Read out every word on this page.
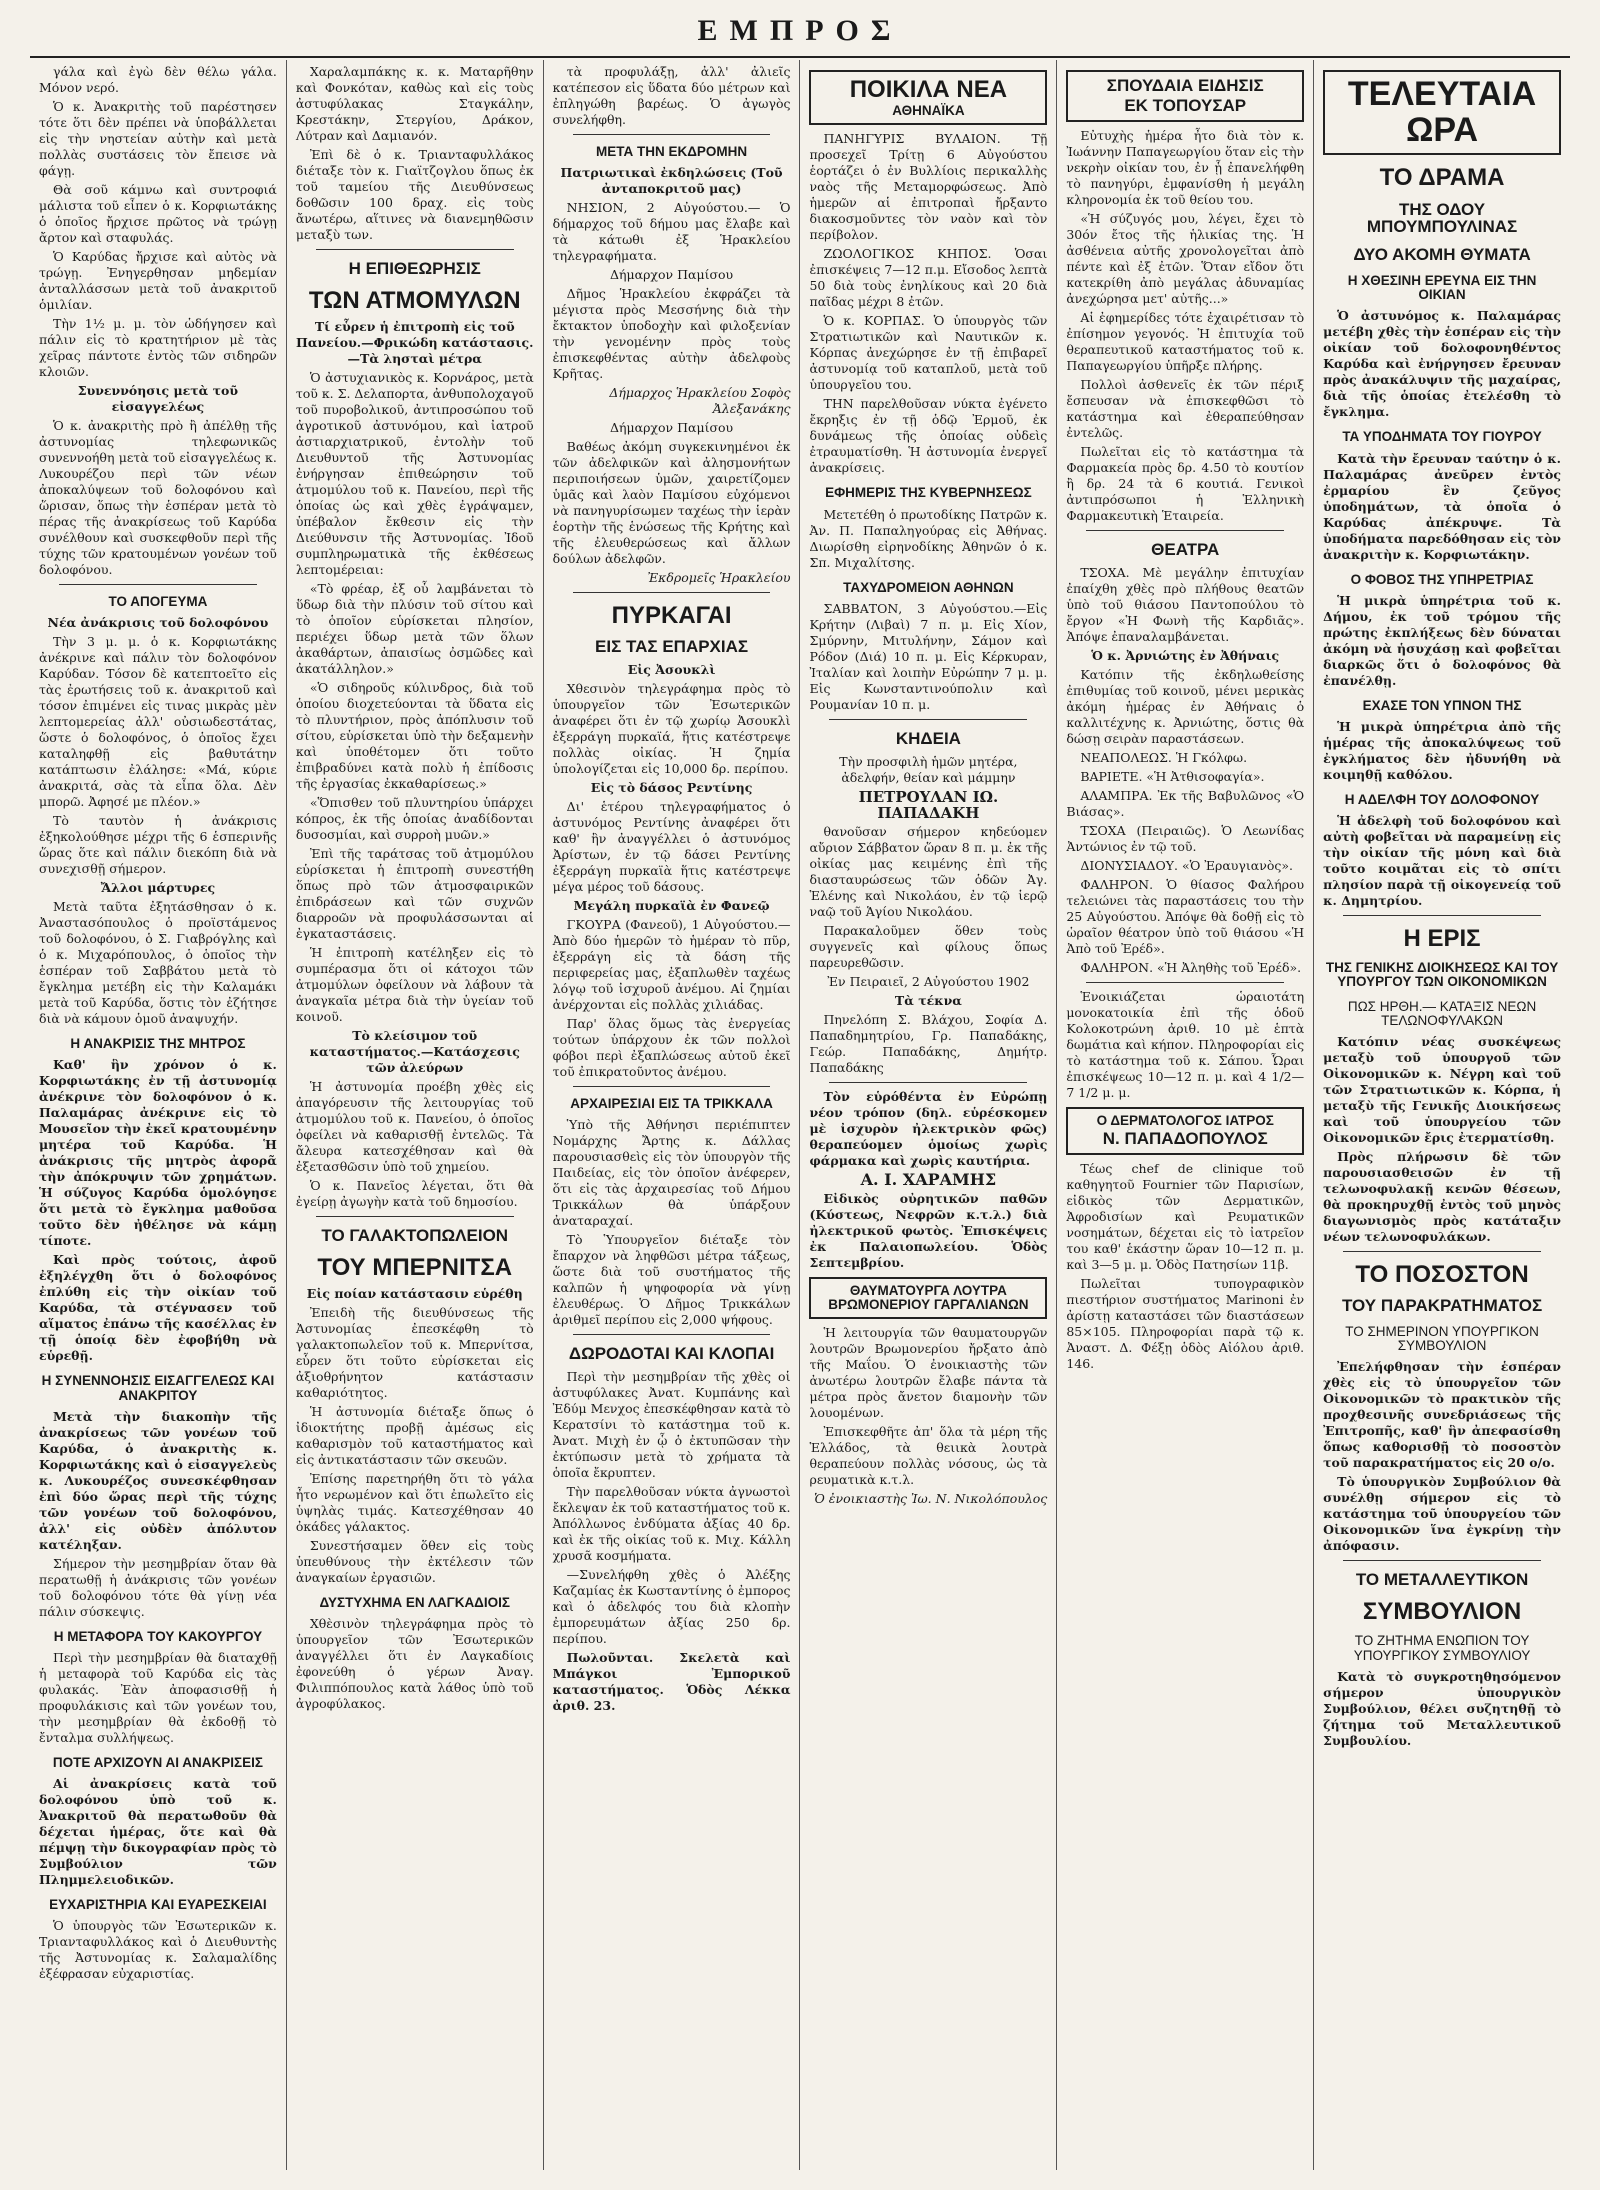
ΕΜΠΡΟΣ

γάλα καὶ ἐγὼ δὲν θέλω γάλα. Μόνον νερό.

Ὁ κ. Ἀνακριτὴς τοῦ παρέστησεν τότε ὅτι δὲν πρέπει νὰ ὑποβάλλεται εἰς τὴν νηστείαν αὐτὴν καὶ μετὰ πολλὰς συστάσεις τὸν ἔπεισε νὰ φάγῃ.

Θὰ σοῦ κάμνω καὶ συντροφιά μάλιστα τοῦ εἶπεν ὁ κ. Κορφιωτάκης ὁ ὁποῖος ἤρχισε πρῶτος νὰ τρώγῃ ἄρτον καὶ σταφυλάς.

Ὁ Καρύδας ἤρχισε καὶ αὐτὸς νὰ τρώγῃ. Ἐνηγερθησαν μηδεμίαν ἀνταλλάσσων μετὰ τοῦ ἀνακριτοῦ ὁμιλίαν.

Τὴν 1½ μ. μ. τὸν ὡδήγησεν καὶ πάλιν εἰς τὸ κρατητήριον μὲ τὰς χεῖρας πάντοτε ἐντὸς τῶν σιδηρῶν κλοιῶν.

Συνεννόησις μετὰ τοῦ εἰσαγγελέως

Ὁ κ. ἀνακριτὴς πρὸ ἢ ἀπέλθῃ τῆς ἀστυνομίας τηλεφωνικῶς συνεννοήθη μετὰ τοῦ εἰσαγγελέως κ. Λυκουρέζου περὶ τῶν νέων ἀποκαλύψεων τοῦ δολοφόνου καὶ ὥρισαν, ὅπως τὴν ἑσπέραν μετὰ τὸ πέρας τῆς ἀνακρίσεως τοῦ Καρύδα συνέλθουν καὶ συσκεφθοῦν περὶ τῆς τύχης τῶν κρατουμένων γονέων τοῦ δολοφόνου.

ΤΟ ΑΠΟΓΕΥΜΑ

Νέα ἀνάκρισις τοῦ δολοφόνου

Τὴν 3 μ. μ. ὁ κ. Κορφιωτάκης ἀνέκρινε καὶ πάλιν τὸν δολοφόνον Καρύδαν. Τόσον δὲ κατεπτοεῖτο εἰς τὰς ἐρωτήσεις τοῦ κ. ἀνακριτοῦ καὶ τόσον ἐπιμένει εἰς τινας μικρὰς μὲν λεπτομερείας ἀλλ' οὐσιωδεστάτας, ὥστε ὁ δολοφόνος, ὁ ὁποῖος ἔχει καταληφθῇ εἰς βαθυτάτην κατάπτωσιν ἐλάλησε: «Μά, κύριε ἀνακριτά, σὰς τὰ εἶπα ὅλα. Δὲν μπορῶ. Ἀφησέ με πλέον.»

Τὸ ταυτὸν ἡ ἀνάκρισις ἐξηκολούθησε μέχρι τῆς 6 ἑσπερινῆς ὥρας ὅτε καὶ πάλιν διεκόπη διὰ νὰ συνεχισθῇ σήμερον.

Ἄλλοι μάρτυρες

Μετὰ ταῦτα ἐξητάσθησαν ὁ κ. Ἀναστασόπουλος ὁ προϊστάμενος τοῦ δολοφόνου, ὁ Σ. Γιαβρόγλης καὶ ὁ κ. Μιχαρόπουλος, ὁ ὁποῖος τὴν ἑσπέραν τοῦ Σαββάτου μετὰ τὸ ἔγκλημα μετέβη εἰς τὴν Καλαμάκι μετὰ τοῦ Καρύδα, ὅστις τὸν ἐζήτησε διὰ νὰ κάμουν ὁμοῦ ἀναψυχήν.

Η ΑΝΑΚΡΙΣΙΣ ΤΗΣ ΜΗΤΡΟΣ

Καθ' ἣν χρόνον ὁ κ. Κορφιωτάκης ἐν τῇ ἀστυνομίᾳ ἀνέκρινε τὸν δολοφόνον ὁ κ. Παλαμάρας ἀνέκρινε εἰς τὸ Μουσεῖον τὴν ἐκεῖ κρατουμένην μητέρα τοῦ Καρύδα. Ἡ ἀνάκρισις τῆς μητρὸς ἀφορᾶ τὴν ἀπόκρυψιν τῶν χρημάτων. Ἡ σύζυγος Καρύδα ὁμολόγησε ὅτι μετὰ τὸ ἔγκλημα μαθοῦσα τοῦτο δὲν ἠθέλησε νὰ κάμῃ τίποτε.

Καὶ πρὸς τούτοις, ἀφοῦ ἐξηλέγχθη ὅτι ὁ δολοφόνος ἐπλύθη εἰς τὴν οἰκίαν τοῦ Καρύδα, τὰ στέγνασεν τοῦ αἵματος ἐπάνω τῆς κασέλλας ἐν τῇ ὁποίᾳ δὲν ἐφοβήθη νὰ εὑρεθῇ.

Η ΣΥΝΕΝΝΟΗΣΙΣ ΕΙΣΑΓΓΕΛΕΩΣ ΚΑΙ ΑΝΑΚΡΙΤΟΥ

Μετὰ τὴν διακοπὴν τῆς ἀνακρίσεως τῶν γονέων τοῦ Καρύδα, ὁ ἀνακριτὴς κ. Κορφιωτάκης καὶ ὁ εἰσαγγελεὺς κ. Λυκουρέζος συνεσκέφθησαν ἐπὶ δύο ὥρας περὶ τῆς τύχης τῶν γονέων τοῦ δολοφόνου, ἀλλ' εἰς οὐδὲν ἀπόλυτον κατέληξαν.

Σήμερον τὴν μεσημβρίαν ὅταν θὰ περατωθῇ ἡ ἀνάκρισις τῶν γονέων τοῦ δολοφόνου τότε θὰ γίνῃ νέα πάλιν σύσκεψις.

Η ΜΕΤΑΦΟΡΑ ΤΟΥ ΚΑΚΟΥΡΓΟΥ

Περὶ τὴν μεσημβρίαν θὰ διαταχθῇ ἡ μεταφορὰ τοῦ Καρύδα εἰς τὰς φυλακάς. Ἐὰν ἀποφασισθῇ ἡ προφυλάκισις καὶ τῶν γονέων του, τὴν μεσημβρίαν θὰ ἐκδοθῇ τὸ ἔνταλμα συλλήψεως.

ΠΟΤΕ ΑΡΧΙΖΟΥΝ ΑΙ ΑΝΑΚΡΙΣΕΙΣ

Αἱ ἀνακρίσεις κατὰ τοῦ δολοφόνου ὑπὸ τοῦ κ. Ἀνακριτοῦ θὰ περατωθοῦν θὰ δέχεται ἡμέρας, ὅτε καὶ θὰ πέμψῃ τὴν δικογραφίαν πρὸς τὸ Συμβούλιον τῶν Πλημμελειοδικῶν.

ΕΥΧΑΡΙΣΤΗΡΙΑ ΚΑΙ ΕΥΑΡΕΣΚΕΙΑΙ

Ὁ ὑπουργὸς τῶν Ἐσωτερικῶν κ. Τριανταφυλλάκος καὶ ὁ Διευθυντὴς τῆς Ἀστυνομίας κ. Σαλαμαλίδης ἐξέφρασαν εὐχαριστίας.

Χαραλαμπάκης κ. κ. Ματαρῆθην καὶ Φονκόταν, καθὼς καὶ εἰς τοὺς ἀστυφύλακας Σταγκάλην, Κρεστάκην, Στεργίου, Δράκον, Λύτραν καὶ Δαμιανόν.

Ἐπὶ δὲ ὁ κ. Τριανταφυλλάκος διέταξε τὸν κ. Γιαϊτζογλου ὅπως ἐκ τοῦ ταμείου τῆς Διευθύνσεως δοθῶσιν 100 δραχ. εἰς τοὺς ἄνωτέρω, αἵτινες νὰ διανεμηθῶσιν μεταξὺ των.

Η ΕΠΙΘΕΩΡΗΣΙΣ
ΤΩΝ ΑΤΜΟΜΥΛΩΝ

Τί εὗρεν ἡ ἐπιτροπὴ εἰς τοῦ Πανείου.—Φρικώδη κατάστασις.—Τὰ λησταὶ μέτρα

Ὁ ἀστυχιανικὸς κ. Κορνάρος, μετὰ τοῦ κ. Σ. Δελαπορτα, ἀνθυπολοχαγοῦ τοῦ πυροβολικοῦ, ἀντιπροσώπου τοῦ ἀγροτικοῦ ἀστυνόμου, καὶ ἰατροῦ ἀστιαρχιατρικοῦ, ἐντολὴν τοῦ Διευθυντοῦ τῆς Ἀστυνομίας ἐνήργησαν ἐπιθεώρησιν τοῦ ἀτμομύλου τοῦ κ. Πανείου, περὶ τῆς ὁποίας ὡς καὶ χθὲς ἐγράψαμεν, ὑπέβαλον ἔκθεσιν εἰς τὴν Διεύθυνσιν τῆς Ἀστυνομίας. Ἰδοῦ συμπληρωματικὰ τῆς ἐκθέσεως λεπτομέρειαι:

«Τὸ φρέαρ, ἐξ οὗ λαμβάνεται τὸ ὕδωρ διὰ τὴν πλύσιν τοῦ σίτου καὶ τὸ ὁποῖον εὑρίσκεται πλησίον, περιέχει ὕδωρ μετὰ τῶν ὅλων ἀκαθάρτων, ἀπαισίως ὀσμῶδες καὶ ἀκατάλληλον.»

«Ὁ σιδηροῦς κύλινδρος, διὰ τοῦ ὁποίου διοχετεύονται τὰ ὕδατα εἰς τὸ πλυντήριον, πρὸς ἀπόπλυσιν τοῦ σίτου, εὑρίσκεται ὑπὸ τὴν δεξαμενὴν καὶ ὑποθέτομεν ὅτι τοῦτο ἐπιβραδύνει κατὰ πολὺ ἡ ἐπίδοσις τῆς ἐργασίας ἐκκαθαρίσεως.»

«Ὅπισθεν τοῦ πλυντηρίου ὑπάρχει κόπρος, ἐκ τῆς ὁποίας ἀναδίδονται δυσοσμίαι, καὶ συρροὴ μυῶν.»

Ἐπὶ τῆς ταράτσας τοῦ ἀτμομύλου εὑρίσκεται ἡ ἐπιτροπὴ συνεστήθη ὅπως πρὸ τῶν ἀτμοσφαιρικῶν ἐπιδράσεων καὶ τῶν συχνῶν διαρροῶν νὰ προφυλάσσωνται αἱ ἐγκαταστάσεις.

Ἡ ἐπιτροπὴ κατέληξεν εἰς τὸ συμπέρασμα ὅτι οἱ κάτοχοι τῶν ἀτμομύλων ὀφείλουν νὰ λάβουν τὰ ἀναγκαῖα μέτρα διὰ τὴν ὑγείαν τοῦ κοινοῦ.

Τὸ κλείσιμον τοῦ καταστήματος.—Κατάσχεσις τῶν ἀλεύρων

Ἡ ἀστυνομία προέβη χθὲς εἰς ἀπαγόρευσιν τῆς λειτουργίας τοῦ ἀτμομύλου τοῦ κ. Πανείου, ὁ ὁποῖος ὀφείλει νὰ καθαρισθῇ ἐντελῶς. Τὰ ἄλευρα κατεσχέθησαν καὶ θὰ ἐξετασθῶσιν ὑπὸ τοῦ χημείου.

Ὁ κ. Πανεῖος λέγεται, ὅτι θὰ ἐγείρῃ ἀγωγὴν κατὰ τοῦ δημοσίου.

ΤΟ ΓΑΛΑΚΤΟΠΩΛΕΙΟΝ
ΤΟΥ ΜΠΕΡΝΙΤΣΑ

Εἰς ποίαν κατάστασιν εὑρέθη

Ἐπειδὴ τῆς διευθύνσεως τῆς Ἀστυνομίας ἐπεσκέφθη τὸ γαλακτοπωλεῖον τοῦ κ. Μπερνίτσα, εὗρεν ὅτι τοῦτο εὑρίσκεται εἰς ἀξιοθρήνητον κατάστασιν καθαριότητος.

Ἡ ἀστυνομία διέταξε ὅπως ὁ ἰδιοκτήτης προβῇ ἀμέσως εἰς καθαρισμὸν τοῦ καταστήματος καὶ εἰς ἀντικατάστασιν τῶν σκευῶν.

Ἐπίσης παρετηρήθη ὅτι τὸ γάλα ἦτο νερωμένον καὶ ὅτι ἐπωλεῖτο εἰς ὑψηλὰς τιμάς. Κατεσχέθησαν 40 ὀκάδες γάλακτος.

Συνεστήσαμεν ὅθεν εἰς τοὺς ὑπευθύνους τὴν ἐκτέλεσιν τῶν ἀναγκαίων ἐργασιῶν.

ΔΥΣΤΥΧΗΜΑ ΕΝ ΛΑΓΚΑΔΙΟΙΣ

Χθὲσινὸν τηλεγράφημα πρὸς τὸ ὑπουργεῖον τῶν Ἐσωτερικῶν ἀναγγέλλει ὅτι ἐν Λαγκαδίοις ἐφονεύθη ὁ γέρων Ἀναγ. Φιλιππόπουλος κατὰ λάθος ὑπὸ τοῦ ἀγροφύλακος.

τὰ προφυλάξῃ, ἀλλ' ἀλιεῖς κατέπεσον εἰς ὕδατα δύο μέτρων καὶ ἐπληγώθη βαρέως. Ὁ ἀγωγὸς συνελήφθη.

ΜΕΤΑ ΤΗΝ ΕΚΔΡΟΜΗΝ

Πατριωτικαὶ ἐκδηλώσεις (Τοῦ ἀνταποκριτοῦ μας)

ΝΗΣΙΟΝ, 2 Αὐγούστου.— Ὁ δήμαρχος τοῦ δήμου μας ἔλαβε καὶ τὰ κάτωθι ἐξ Ἡρακλείου τηλεγραφήματα.

Δήμαρχον Παμίσου

Δῆμος Ἡρακλείου ἐκφράζει τὰ μέγιστα πρὸς Μεσσήνης διὰ τὴν ἔκτακτον ὑποδοχὴν καὶ φιλοξενίαν τὴν γενομένην πρὸς τοὺς ἐπισκεφθέντας αὐτὴν ἀδελφοὺς Κρῆτας.

Δήμαρχος Ἡρακλείου Σοφὸς Ἀλεξανάκης

Δήμαρχον Παμίσου

Βαθέως ἀκόμη συγκεκινημένοι ἐκ τῶν ἀδελφικῶν καὶ ἀλησμονήτων περιποιήσεων ὑμῶν, χαιρετίζομεν ὑμᾶς καὶ λαὸν Παμίσου εὐχόμενοι νὰ πανηγυρίσωμεν ταχέως τὴν ἱερὰν ἑορτὴν τῆς ἑνώσεως τῆς Κρήτης καὶ τῆς ἐλευθερώσεως καὶ ἄλλων δούλων ἀδελφῶν.

Ἐκδρομεῖς Ἡρακλείου

ΠΥΡΚΑΓΑΙ
ΕΙΣ ΤΑΣ ΕΠΑΡΧΙΑΣ

Εἰς Ἀσουκλὶ

Χθεσινὸν τηλεγράφημα πρὸς τὸ ὑπουργεῖον τῶν Ἐσωτερικῶν ἀναφέρει ὅτι ἐν τῷ χωρίῳ Ἀσουκλὶ ἐξερράγη πυρκαϊά, ἥτις κατέστρεψε πολλὰς οἰκίας. Ἡ ζημία ὑπολογίζεται εἰς 10,000 δρ. περίπου.

Εἰς τὸ δάσος Ρεντίνης

Δι' ἑτέρου τηλεγραφήματος ὁ ἀστυνόμος Ρεντίνης ἀναφέρει ὅτι καθ' ἣν ἀναγγέλλει ὁ ἀστυνόμος Ἀρίστων, ἐν τῷ δάσει Ρεντίνης ἐξερράγη πυρκαϊὰ ἥτις κατέστρεψε μέγα μέρος τοῦ δάσους.

Μεγάλη πυρκαϊὰ ἐν Φανεῷ

ΓΚΟΥΡΑ (Φανεοῦ), 1 Αὐγούστου.— Ἀπὸ δύο ἡμερῶν τὸ ἡμέραν τὸ πῦρ, ἐξερράγη εἰς τὰ δάση τῆς περιφερείας μας, ἐξαπλωθὲν ταχέως λόγῳ τοῦ ἰσχυροῦ ἀνέμου. Αἱ ζημίαι ἀνέρχονται εἰς πολλὰς χιλιάδας.

Παρ' ὅλας ὅμως τὰς ἐνεργείας τούτων ὑπάρχουν ἐκ τῶν πολλοὶ φόβοι περὶ ἐξαπλώσεως αὐτοῦ ἐκεῖ τοῦ ἐπικρατοῦντος ἀνέμου.

ΑΡΧΑΙΡΕΣΙΑΙ ΕΙΣ ΤΑ ΤΡΙΚΚΑΛΑ

Ὑπὸ τῆς Ἀθήνησι περιέπιπτεν Νομάρχης Ἄρτης κ. Δάλλας παρουσιασθεὶς εἰς τὸν ὑπουργὸν τῆς Παιδείας, εἰς τὸν ὁποῖον ἀνέφερεν, ὅτι εἰς τὰς ἀρχαιρεσίας τοῦ Δήμου Τρικκάλων θὰ ὑπάρξουν ἀναταραχαί.

Τὸ Ὑπουργεῖον διέταξε τὸν ἔπαρχον νὰ ληφθῶσι μέτρα τάξεως, ὥστε διὰ τοῦ συστήματος τῆς καλπῶν ἡ ψηφοφορία νὰ γίνῃ ἐλευθέρως. Ὁ Δῆμος Τρικκάλων ἀριθμεῖ περίπου εἰς 2,000 ψήφους.

ΔΩΡΟΔΟΤΑΙ ΚΑΙ ΚΛΟΠΑΙ

Περὶ τὴν μεσημβρίαν τῆς χθὲς οἱ ἀστυφύλακες Ἀνατ. Κυμπάνης καὶ Ἐδύμ Μενχος ἐπεσκέφθησαν κατὰ τὸ Κερατσίνι τὸ κατάστημα τοῦ κ. Ἀνατ. Μιχὴ ἐν ᾧ ὁ ἐκτυπῶσαν τὴν ἐκτύπωσιν μετὰ τὸ χρήματα τὰ ὁποῖα ἔκρυπτεν.

Τὴν παρελθοῦσαν νύκτα ἀγνωστοὶ ἔκλεψαν ἐκ τοῦ καταστήματος τοῦ κ. Ἀπόλλωνος ἐνδύματα ἀξίας 40 δρ. καὶ ἐκ τῆς οἰκίας τοῦ κ. Μιχ. Κάλλη χρυσᾶ κοσμήματα.

—Συνελήφθη χθὲς ὁ Ἀλέξης Καζαμίας ἐκ Κωσταντίνης ὁ ἐμπορος καὶ ὁ ἀδελφός του διὰ κλοπὴν ἐμπορευμάτων ἀξίας 250 δρ. περίπου.

Πωλοῦνται. Σκελετὰ καὶ Μπάγκοι Ἐμπορικοῦ καταστήματος. Ὁδὸς Λέκκα ἀριθ. 23.

ΠΟΙΚΙΛΑ ΝΕΑ
ΑΘΗΝΑΪΚΑ

ΠΑΝΗΓΥΡΙΣ ΒΥΛΑΙΟΝ. Τῇ προσεχεῖ Τρίτῃ 6 Αὐγούστου ἑορτάζει ὁ ἐν Βυλλίοις περικαλλὴς ναὸς τῆς Μεταμορφώσεως. Ἀπὸ ἡμερῶν αἱ ἐπιτροπαὶ ἤρξαντο διακοσμοῦντες τὸν ναὸν καὶ τὸν περίβολον.

ΖΩΟΛΟΓΙΚΟΣ ΚΗΠΟΣ. Ὁσαι ἐπισκέψεις 7—12 π.μ. Εἴσοδος λεπτὰ 50 διὰ τοὺς ἐνηλίκους καὶ 20 διὰ παῖδας μέχρι 8 ἐτῶν.

Ὁ κ. ΚΟΡΠΑΣ. Ὁ ὑπουργὸς τῶν Στρατιωτικῶν καὶ Ναυτικῶν κ. Κόρπας ἀνεχώρησε ἐν τῇ ἐπιβαρεῖ ἀστυνομίᾳ τοῦ καταπλοῦ, μετὰ τοῦ ὑπουργεῖου του.

ΤΗΝ παρελθοῦσαν νύκτα ἐγένετο ἔκρηξις ἐν τῇ ὁδῷ Ἐρμοῦ, ἐκ δυνάμεως τῆς ὁποίας οὐδεὶς ἐτραυματίσθη. Ἡ ἀστυνομία ἐνεργεῖ ἀνακρίσεις.

ΕΦΗΜΕΡΙΣ ΤΗΣ ΚΥΒΕΡΝΗΣΕΩΣ

Μετετέθη ὁ πρωτοδίκης Πατρῶν κ. Ἀν. Π. Παπαληγούρας εἰς Ἀθήνας. Διωρίσθη εἰρηνοδίκης Ἀθηνῶν ὁ κ. Σπ. Μιχαλίτσης.

ΤΑΧΥΔΡΟΜΕΙΟΝ ΑΘΗΝΩΝ

ΣΑΒΒΑΤΟΝ, 3 Αὐγούστου.—Εἰς Κρήτην (Λιβαὶ) 7 π. μ. Εἰς Χίον, Σμύρνην, Μιτυλήνην, Σάμον καὶ Ρόδον (Διά) 10 π. μ. Εἰς Κέρκυραν, Ἰταλίαν καὶ λοιπὴν Εὐρώπην 7 μ. μ. Εἰς Κωνσταντινούπολιν καὶ Ρουμανίαν 10 π. μ.

ΚΗΔΕΙΑ

Τὴν προσφιλὴ ἡμῶν μητέρα, ἀδελφήν, θείαν καὶ μάμμην

ΠΕΤΡΟΥΛΑΝ ΙΩ. ΠΑΠΑΔΑΚΗ

θανοῦσαν σήμερον κηδεύομεν αὔριον Σάββατον ὥραν 8 π. μ. ἐκ τῆς οἰκίας μας κειμένης ἐπὶ τῆς διασταυρώσεως τῶν ὁδῶν Ἀγ. Ἑλένης καὶ Νικολάου, ἐν τῷ ἱερῷ ναῷ τοῦ Ἁγίου Νικολάου.

Παρακαλοῦμεν ὅθεν τοὺς συγγενεῖς καὶ φίλους ὅπως παρευρεθῶσιν.

Ἐν Πειραιεῖ, 2 Αὐγούστου 1902

Τὰ τέκνα

Πηνελόπη Σ. Βλάχου, Σοφία Δ. Παπαδημητρίου, Γρ. Παπαδάκης, Γεώρ. Παπαδάκης, Δημήτρ. Παπαδάκης

Τὸν εὑρόθέντα ἐν Εὐρώπῃ νέον τρόπον (δηλ. εὑρέσκομεν μὲ ἰσχυρὸν ἠλεκτρικὸν φῶς) θεραπεύομεν ὁμοίως χωρὶς φάρμακα καὶ χωρὶς καυτήρια.

Α. Ι. ΧΑΡΑΜΗΣ

Εἰδικὸς οὐρητικῶν παθῶν (Κύστεως, Νεφρῶν κ.τ.λ.) διὰ ἠλεκτρικοῦ φωτὸς. Ἐπισκέψεις ἐκ Παλαιοπωλείου. Ὁδὸς Σεπτεμβρίου.

ΘΑΥΜΑΤΟΥΡΓΑ ΛΟΥΤΡΑ ΒΡΩΜΟΝΕΡΙΟΥ ΓΑΡΓΑΛΙΑΝΩΝ

Ἡ λειτουργία τῶν θαυματουργῶν λουτρῶν Βρωμονερίου ἤρξατο ἀπὸ τῆς Μαΐου. Ὁ ἐνοικιαστὴς τῶν ἀνωτέρω λουτρῶν ἔλαβε πάντα τὰ μέτρα πρὸς ἄνετον διαμονὴν τῶν λουομένων.

Ἐπισκεφθῆτε ἀπ' ὅλα τὰ μέρη τῆς Ἑλλάδος, τὰ θειικὰ λουτρὰ θεραπεύουν πολλὰς νόσους, ὡς τὰ ρευματικὰ κ.τ.λ.

Ὁ ἐνοικιαστὴς Ἰω. Ν. Νικολόπουλος

ΣΠΟΥΔΑΙΑ ΕΙΔΗΣΙΣ
ΕΚ ΤΟΠΟΥΣΑΡ

Εὐτυχὴς ἡμέρα ἦτο διὰ τὸν κ. Ἰωάννην Παπαγεωργίου ὅταν εἰς τὴν νεκρὴν οἰκίαν του, ἐν ᾗ ἐπανελήφθη τὸ πανηγύρι, ἐμφανίσθη ἡ μεγάλη κληρονομία ἐκ τοῦ θείου του.

«Ἡ σύζυγός μου, λέγει, ἔχει τὸ 30όν ἔτος τῆς ἡλικίας της. Ἡ ἀσθένεια αὐτῆς χρονολογεῖται ἀπὸ πέντε καὶ ἐξ ἐτῶν. Ὅταν εἴδον ὅτι κατεκρίθη ἀπὸ μεγάλας ἀδυναμίας ἀνεχώρησα μετ' αὐτῆς...»

Αἱ ἐφημερίδες τότε ἐχαιρέτισαν τὸ ἐπίσημον γεγονός. Ἡ ἐπιτυχία τοῦ θεραπευτικοῦ καταστήματος τοῦ κ. Παπαγεωργίου ὑπῆρξε πλήρης.

Πολλοὶ ἀσθενεῖς ἐκ τῶν πέριξ ἔσπευσαν νὰ ἐπισκεφθῶσι τὸ κατάστημα καὶ ἐθεραπεύθησαν ἐντελῶς.

Πωλεῖται εἰς τὸ κατάστημα τὰ Φαρμακεία πρὸς δρ. 4.50 τὸ κουτίον ἢ δρ. 24 τὰ 6 κουτιά. Γενικοὶ ἀντιπρόσωποι ἡ Ἑλληνικὴ Φαρμακευτικὴ Ἑταιρεία.

ΘΕΑΤΡΑ

ΤΣΟΧΑ. Μὲ μεγάλην ἐπιτυχίαν ἐπαίχθη χθὲς πρὸ πλήθους θεατῶν ὑπὸ τοῦ θιάσου Παντοπούλου τὸ ἔργον «Ἡ Φωνὴ τῆς Καρδιᾶς». Ἀπόψε ἐπαναλαμβάνεται.

Ὁ κ. Ἀρνιώτης ἐν Ἀθήναις

Κατόπιν τῆς ἐκδηλωθείσης ἐπιθυμίας τοῦ κοινοῦ, μένει μερικὰς ἀκόμη ἡμέρας ἐν Ἀθήναις ὁ καλλιτέχνης κ. Ἀρνιώτης, ὅστις θὰ δώσῃ σειρὰν παραστάσεων.

ΝΕΑΠΟΛΕΩΣ. Ἡ Γκόλφω.

ΒΑΡΙΕΤΕ. «Ἡ Ἀτθισοφαγία».

ΑΛΑΜΠΡΑ. Ἐκ τῆς Βαβυλῶνος «Ὁ Βιάσας».

ΤΣΟΧΑ (Πειραιῶς). Ὁ Λεωνίδας Ἀντώνιος ἐν τῷ τοῦ.

ΔΙΟΝΥΣΙΑΔΟΥ. «Ὁ Ἐραυγιανὸς».

ΦΑΛΗΡΟΝ. Ὁ θίασος Φαλήρου τελειώνει τὰς παραστάσεις του τὴν 25 Αὐγούστου. Ἀπόψε θὰ δοθῇ εἰς τὸ ὡραῖον θέατρον ὑπὸ τοῦ θιάσου «Ἡ Ἀπὸ τοῦ Ἐρέδ».

ΦΑΛΗΡΟΝ. «Ἡ Ἀληθὴς τοῦ Ἐρέδ».

Ἑνοικιάζεται ὡραιοτάτη μονοκατοικία ἐπὶ τῆς ὁδοῦ Κολοκοτρώνη ἀριθ. 10 μὲ ἑπτὰ δωμάτια καὶ κήπον. Πληροφορίαι εἰς τὸ κατάστημα τοῦ κ. Σάπου. Ὧραι ἐπισκέψεως 10—12 π. μ. καὶ 4 1/2—7 1/2 μ. μ.

Ο ΔΕΡΜΑΤΟΛΟΓΟΣ ΙΑΤΡΟΣ
Ν. ΠΑΠΑΔΟΠΟΥΛΟΣ

Τέως chef de clinique τοῦ καθηγητοῦ Fournier τῶν Παρισίων, εἰδικὸς τῶν Δερματικῶν, Ἀφροδισίων καὶ Ρευματικῶν νοσημάτων, δέχεται εἰς τὸ ἰατρεῖον του καθ' ἑκάστην ὥραν 10—12 π. μ. καὶ 3—5 μ. μ. Ὁδὸς Πατησίων 11β.

Πωλεῖται τυπογραφικὸν πιεστήριον συστήματος Marinoni ἐν ἀρίστῃ καταστάσει τῶν διαστάσεων 85×105. Πληροφορίαι παρὰ τῷ κ. Ἀναστ. Δ. Φέξῃ ὁδὸς Αἰόλου ἀριθ. 146.

ΤΕΛΕΥΤΑΙΑ ΩΡΑ
ΤΟ ΔΡΑΜΑ
ΤΗΣ ΟΔΟΥ ΜΠΟΥΜΠΟΥΛΙΝΑΣ
ΔΥΟ ΑΚΟΜΗ ΘΥΜΑΤΑ
Η ΧΘΕΣΙΝΗ ΕΡΕΥΝΑ ΕΙΣ ΤΗΝ ΟΙΚΙΑΝ

Ὁ ἀστυνόμος κ. Παλαμάρας μετέβη χθὲς τὴν ἑσπέραν εἰς τὴν οἰκίαν τοῦ δολοφονηθέντος Καρύδα καὶ ἐνήργησεν ἔρευναν πρὸς ἀνακάλυψιν τῆς μαχαίρας, διὰ τῆς ὁποίας ἐτελέσθη τὸ ἔγκλημα.

ΤΑ ΥΠΟΔΗΜΑΤΑ ΤΟΥ ΓΙΟΥΡΟΥ

Κατὰ τὴν ἔρευναν ταύτην ὁ κ. Παλαμάρας ἀνεῦρεν ἐντὸς ἐρμαρίου ἓν ζεῦγος ὑποδημάτων, τὰ ὁποῖα ὁ Καρύδας ἀπέκρυψε. Τὰ ὑποδήματα παρεδόθησαν εἰς τὸν ἀνακριτὴν κ. Κορφιωτάκην.

Ο ΦΟΒΟΣ ΤΗΣ ΥΠΗΡΕΤΡΙΑΣ

Ἡ μικρὰ ὑπηρέτρια τοῦ κ. Δήμου, ἐκ τοῦ τρόμου τῆς πρώτης ἐκπλήξεως δὲν δύναται ἀκόμη νὰ ἡσυχάσῃ καὶ φοβεῖται διαρκῶς ὅτι ὁ δολοφόνος θὰ ἐπανέλθῃ.

ΕΧΑΣΕ ΤΟΝ ΥΠΝΟΝ ΤΗΣ

Ἡ μικρὰ ὑπηρέτρια ἀπὸ τῆς ἡμέρας τῆς ἀποκαλύψεως τοῦ ἐγκλήματος δὲν ἠδυνήθη νὰ κοιμηθῇ καθόλου.

Η ΑΔΕΛΦΗ ΤΟΥ ΔΟΛΟΦΟΝΟΥ

Ἡ ἀδελφὴ τοῦ δολοφόνου καὶ αὐτὴ φοβεῖται νὰ παραμείνῃ εἰς τὴν οἰκίαν τῆς μόνη καὶ διὰ τοῦτο κοιμᾶται εἰς τὸ σπίτι πλησίον παρὰ τῇ οἰκογενείᾳ τοῦ κ. Δημητρίου.

Η ΕΡΙΣ
ΤΗΣ ΓΕΝΙΚΗΣ ΔΙΟΙΚΗΣΕΩΣ ΚΑΙ ΤΟΥ ΥΠΟΥΡΓΟΥ ΤΩΝ ΟΙΚΟΝΟΜΙΚΩΝ
ΠΩΣ ΗΡΘΗ.— ΚΑΤΑΞΙΣ ΝΕΩΝ ΤΕΛΩΝΟΦΥΛΑΚΩΝ

Κατόπιν νέας συσκέψεως μεταξὺ τοῦ ὑπουργοῦ τῶν Οἰκονομικῶν κ. Νέγρη καὶ τοῦ τῶν Στρατιωτικῶν κ. Κόρπα, ἡ μεταξὺ τῆς Γενικῆς Διοικήσεως καὶ τοῦ ὑπουργείου τῶν Οἰκονομικῶν ἔρις ἐτερματίσθη.

Πρὸς πλήρωσιν δὲ τῶν παρουσιασθεισῶν ἐν τῇ τελωνοφυλακῇ κενῶν θέσεων, θὰ προκηρυχθῇ ἐντὸς τοῦ μηνὸς διαγωνισμὸς πρὸς κατάταξιν νέων τελωνοφυλάκων.

ΤΟ ΠΟΣΟΣΤΟΝ
ΤΟΥ ΠΑΡΑΚΡΑΤΗΜΑΤΟΣ
ΤΟ ΣΗΜΕΡΙΝΟΝ ΥΠΟΥΡΓΙΚΟΝ ΣΥΜΒΟΥΛΙΟΝ

Ἐπελήφθησαν τὴν ἑσπέραν χθὲς εἰς τὸ ὑπουργεῖον τῶν Οἰκονομικῶν τὸ πρακτικὸν τῆς προχθεσινῆς συνεδριάσεως τῆς Ἐπιτροπῆς, καθ' ἣν ἀπεφασίσθη ὅπως καθορισθῇ τὸ ποσοστὸν τοῦ παρακρατήματος εἰς 20 ο/ο.

Τὸ ὑπουργικὸν Συμβούλιον θὰ συνέλθῃ σήμερον εἰς τὸ κατάστημα τοῦ ὑπουργείου τῶν Οἰκονομικῶν ἵνα ἐγκρίνῃ τὴν ἀπόφασιν.

ΤΟ ΜΕΤΑΛΛΕΥΤΙΚΟΝ
ΣΥΜΒΟΥΛΙΟΝ
ΤΟ ΖΗΤΗΜΑ ΕΝΩΠΙΟΝ ΤΟΥ ΥΠΟΥΡΓΙΚΟΥ ΣΥΜΒΟΥΛΙΟΥ

Κατὰ τὸ συγκροτηθησόμενον σήμερον ὑπουργικὸν Συμβούλιον, θέλει συζητηθῇ τὸ ζήτημα τοῦ Μεταλλευτικοῦ Συμβουλίου.
